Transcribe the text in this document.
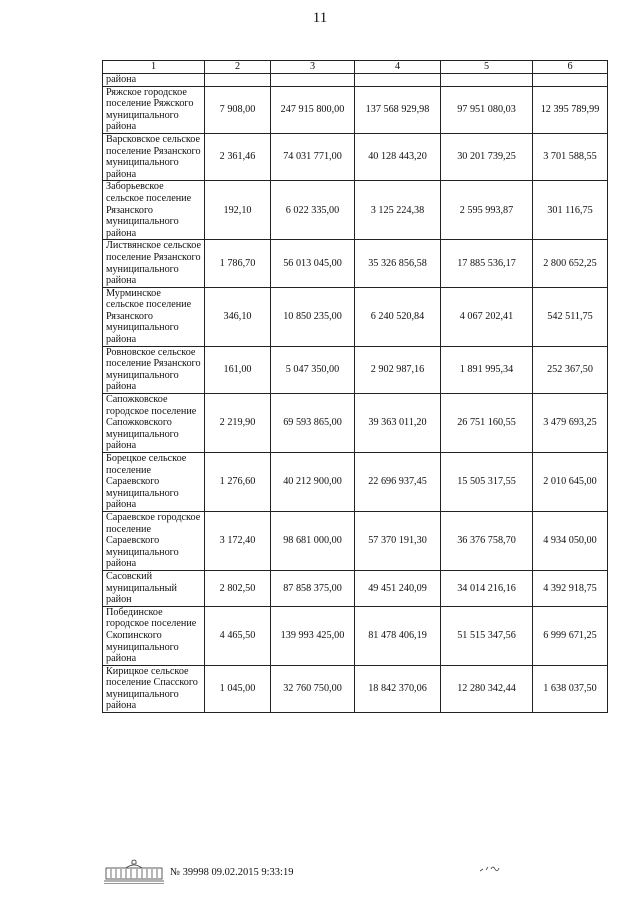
11
1	2	3	4	5	6
района					
Ряжское городское поселение Ряжского муниципального района	7 908,00	247 915 800,00	137 568 929,98	97 951 080,03	12 395 789,99
Варсковское сельское поселение Рязанского муниципального района	2 361,46	74 031 771,00	40 128 443,20	30 201 739,25	3 701 588,55
Заборьевское сельское поселение Рязанского муниципального района	192,10	6 022 335,00	3 125 224,38	2 595 993,87	301 116,75
Листвянское сельское поселение Рязанского муниципального района	1 786,70	56 013 045,00	35 326 856,58	17 885 536,17	2 800 652,25
Мурминское сельское поселение Рязанского муниципального района	346,10	10 850 235,00	6 240 520,84	4 067 202,41	542 511,75
Ровновское сельское поселение Рязанского муниципального района	161,00	5 047 350,00	2 902 987,16	1 891 995,34	252 367,50
Сапожковское городское поселение Сапожковского муниципального района	2 219,90	69 593 865,00	39 363 011,20	26 751 160,55	3 479 693,25
Борецкое сельское поселение Сараевского муниципального района	1 276,60	40 212 900,00	22 696 937,45	15 505 317,55	2 010 645,00
Сараевское городское поселение Сараевского муниципального района	3 172,40	98 681 000,00	57 370 191,30	36 376 758,70	4 934 050,00
Сасовский муниципальный район	2 802,50	87 858 375,00	49 451 240,09	34 014 216,16	4 392 918,75
Побединское городское поселение Скопинского муниципального района	4 465,50	139 993 425,00	81 478 406,19	51 515 347,56	6 999 671,25
Кирицкое сельское поселение Спасского муниципального района	1 045,00	32 760 750,00	18 842 370,06	12 280 342,44	1 638 037,50
№ 39998 09.02.2015 9:33:19
